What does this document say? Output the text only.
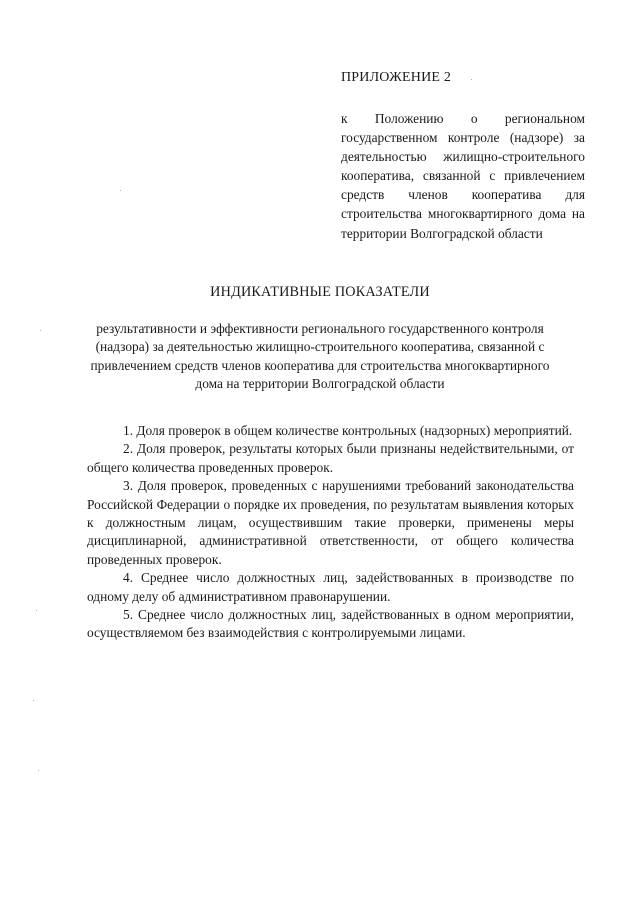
ПРИЛОЖЕНИЕ 2
к Положению о региональном государственном контроле (надзоре) за деятельностью жилищно-строительного кооператива, связанной с привлечением средств членов кооператива для строительства многоквартирного дома на территории Волгоградской области
ИНДИКАТИВНЫЕ ПОКАЗАТЕЛИ
результативности и эффективности регионального государственного контроля (надзора) за деятельностью жилищно-строительного кооператива, связанной с привлечением средств членов кооператива для строительства многоквартирного дома на территории Волгоградской области
1. Доля проверок в общем количестве контрольных (надзорных) мероприятий.
2. Доля проверок, результаты которых были признаны недействительными, от общего количества проведенных проверок.
3. Доля проверок, проведенных с нарушениями требований законодательства Российской Федерации о порядке их проведения, по результатам выявления которых к должностным лицам, осуществившим такие проверки, применены меры дисциплинарной, административной ответственности, от общего количества проведенных проверок.
4. Среднее число должностных лиц, задействованных в производстве по одному делу об административном правонарушении.
5. Среднее число должностных лиц, задействованных в одном мероприятии, осуществляемом без взаимодействия с контролируемыми лицами.
